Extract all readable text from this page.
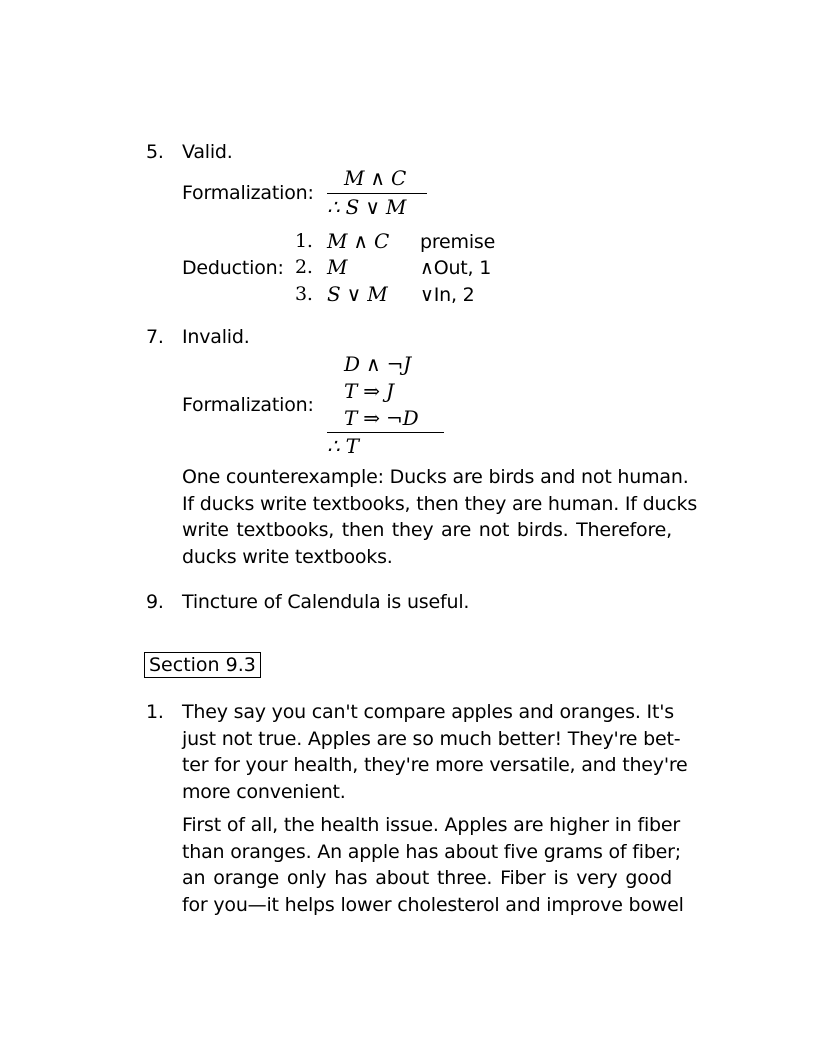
5. Valid.
Formalization:
M ∧ C
∴ S ∨ M
Deduction:
1. M ∧ C premise
2. M	∧Out, 1
3. S ∨ M ∨In, 2
7. Invalid.
Formalization:
D ∧ ¬J
T ⇒ J
T ⇒ ¬D
∴ T
One counterexample: Ducks are birds and not human.
If ducks write textbooks, then they are human. If ducks
write textbooks, then they are not birds. Therefore,
ducks write textbooks.
9. Tincture of Calendula is useful.
Section 9.3
1. They say you can't compare apples and oranges. It's
just not true. Apples are so much better! They're bet-
ter for your health, they're more versatile, and they're
more convenient.
First of all, the health issue. Apples are higher in fiber
than oranges. An apple has about five grams of fiber;
an orange only has about three. Fiber is very good
for you—it helps lower cholesterol and improve bowel
